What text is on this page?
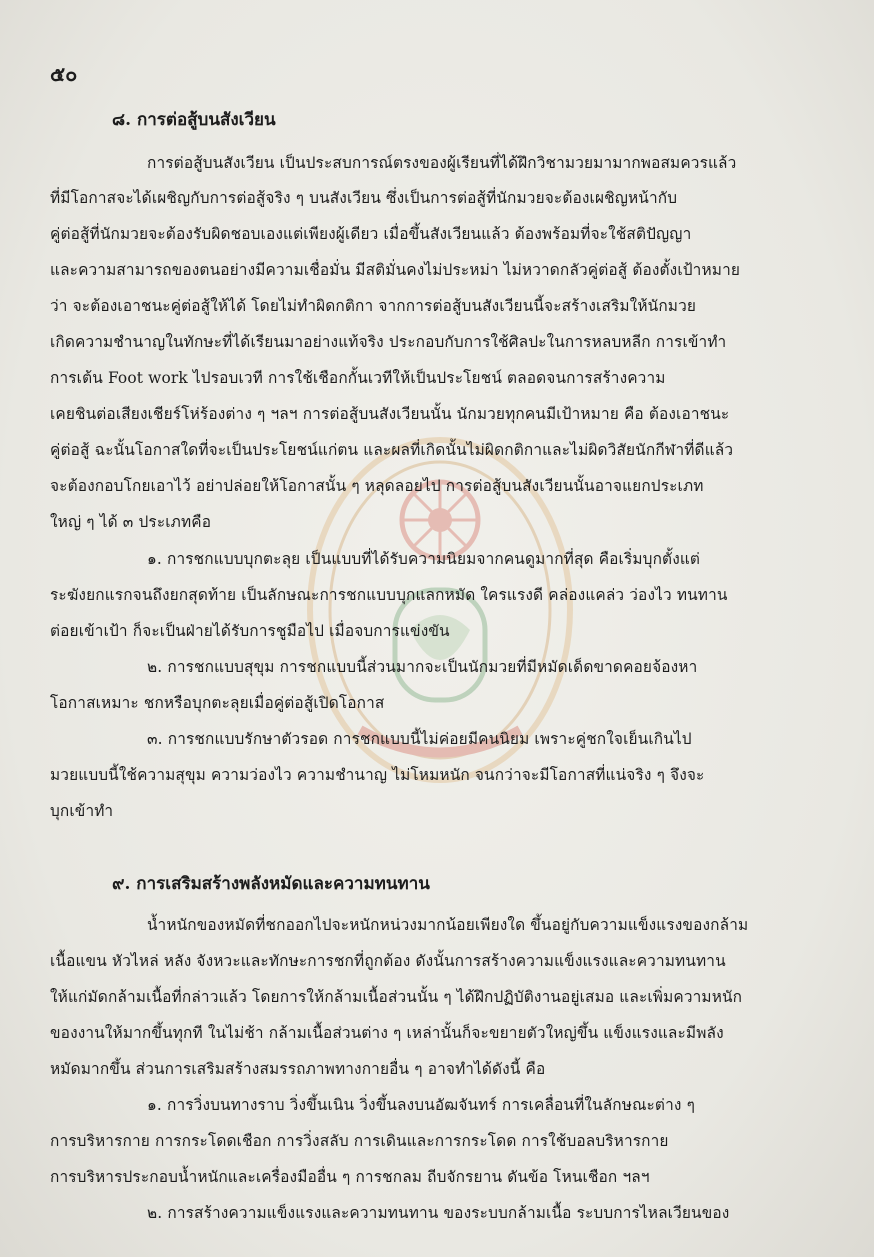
๕๐
๘. การต่อสู้บนสังเวียน
การต่อสู้บนสังเวียน เป็นประสบการณ์ตรงของผู้เรียนที่ได้ฝึกวิชามวยมามากพอสมควรแล้ว
ที่มีโอกาสจะได้เผชิญกับการต่อสู้จริง ๆ บนสังเวียน ซึ่งเป็นการต่อสู้ที่นักมวยจะต้องเผชิญหน้ากับ
คู่ต่อสู้ที่นักมวยจะต้องรับผิดชอบเองแต่เพียงผู้เดียว เมื่อขึ้นสังเวียนแล้ว ต้องพร้อมที่จะใช้สติปัญญา
และความสามารถของตนอย่างมีความเชื่อมั่น มีสติมั่นคงไม่ประหม่า ไม่หวาดกลัวคู่ต่อสู้ ต้องตั้งเป้าหมาย
ว่า จะต้องเอาชนะคู่ต่อสู้ให้ได้ โดยไม่ทำผิดกติกา จากการต่อสู้บนสังเวียนนี้จะสร้างเสริมให้นักมวย
เกิดความชำนาญในทักษะที่ได้เรียนมาอย่างแท้จริง ประกอบกับการใช้ศิลปะในการหลบหลีก การเข้าทำ
การเต้น Foot work ไปรอบเวที การใช้เชือกกั้นเวทีให้เป็นประโยชน์ ตลอดจนการสร้างความ
เคยชินต่อเสียงเชียร์โห่ร้องต่าง ๆ ฯลฯ การต่อสู้บนสังเวียนนั้น นักมวยทุกคนมีเป้าหมาย คือ ต้องเอาชนะ
คู่ต่อสู้ ฉะนั้นโอกาสใดที่จะเป็นประโยชน์แก่ตน และผลที่เกิดนั้นไม่ผิดกติกาและไม่ผิดวิสัยนักกีฬาที่ดีแล้ว
จะต้องกอบโกยเอาไว้ อย่าปล่อยให้โอกาสนั้น ๆ หลุดลอยไป การต่อสู้บนสังเวียนนั้นอาจแยกประเภท
ใหญ่ ๆ ได้ ๓ ประเภทคือ
๑. การชกแบบบุกตะลุย เป็นแบบที่ได้รับความนิยมจากคนดูมากที่สุด คือเริ่มบุกตั้งแต่
ระฆังยกแรกจนถึงยกสุดท้าย เป็นลักษณะการชกแบบบุกแลกหมัด ใครแรงดี คล่องแคล่ว ว่องไว ทนทาน
ต่อยเข้าเป้า ก็จะเป็นฝ่ายได้รับการชูมือไป เมื่อจบการแข่งขัน
๒. การชกแบบสุขุม การชกแบบนี้ส่วนมากจะเป็นนักมวยที่มีหมัดเด็ดขาดคอยจ้องหา
โอกาสเหมาะ ชกหรือบุกตะลุยเมื่อคู่ต่อสู้เปิดโอกาส
๓. การชกแบบรักษาตัวรอด การชกแบบนี้ไม่ค่อยมีคนนิยม เพราะคู่ชกใจเย็นเกินไป
มวยแบบนี้ใช้ความสุขุม ความว่องไว ความชำนาญ ไม่โหมหนัก จนกว่าจะมีโอกาสที่แน่จริง ๆ จึงจะ
บุกเข้าทำ
๙. การเสริมสร้างพลังหมัดและความทนทาน
น้ำหนักของหมัดที่ชกออกไปจะหนักหน่วงมากน้อยเพียงใด ขึ้นอยู่กับความแข็งแรงของกล้าม
เนื้อแขน หัวไหล่ หลัง จังหวะและทักษะการชกที่ถูกต้อง ดังนั้นการสร้างความแข็งแรงและความทนทาน
ให้แก่มัดกล้ามเนื้อที่กล่าวแล้ว โดยการให้กล้ามเนื้อส่วนนั้น ๆ ได้ฝึกปฏิบัติงานอยู่เสมอ และเพิ่มความหนัก
ของงานให้มากขึ้นทุกที ในไม่ช้า กล้ามเนื้อส่วนต่าง ๆ เหล่านั้นก็จะขยายตัวใหญ่ขึ้น แข็งแรงและมีพลัง
หมัดมากขึ้น ส่วนการเสริมสร้างสมรรถภาพทางกายอื่น ๆ อาจทำได้ดังนี้ คือ
๑. การวิ่งบนทางราบ วิ่งขึ้นเนิน วิ่งขึ้นลงบนอัฒจันทร์ การเคลื่อนที่ในลักษณะต่าง ๆ
การบริหารกาย การกระโดดเชือก การวิ่งสลับ การเดินและการกระโดด การใช้บอลบริหารกาย
การบริหารประกอบน้ำหนักและเครื่องมืออื่น ๆ การชกลม ถีบจักรยาน ดันข้อ โหนเชือก ฯลฯ
๒. การสร้างความแข็งแรงและความทนทาน ของระบบกล้ามเนื้อ ระบบการไหลเวียนของ
